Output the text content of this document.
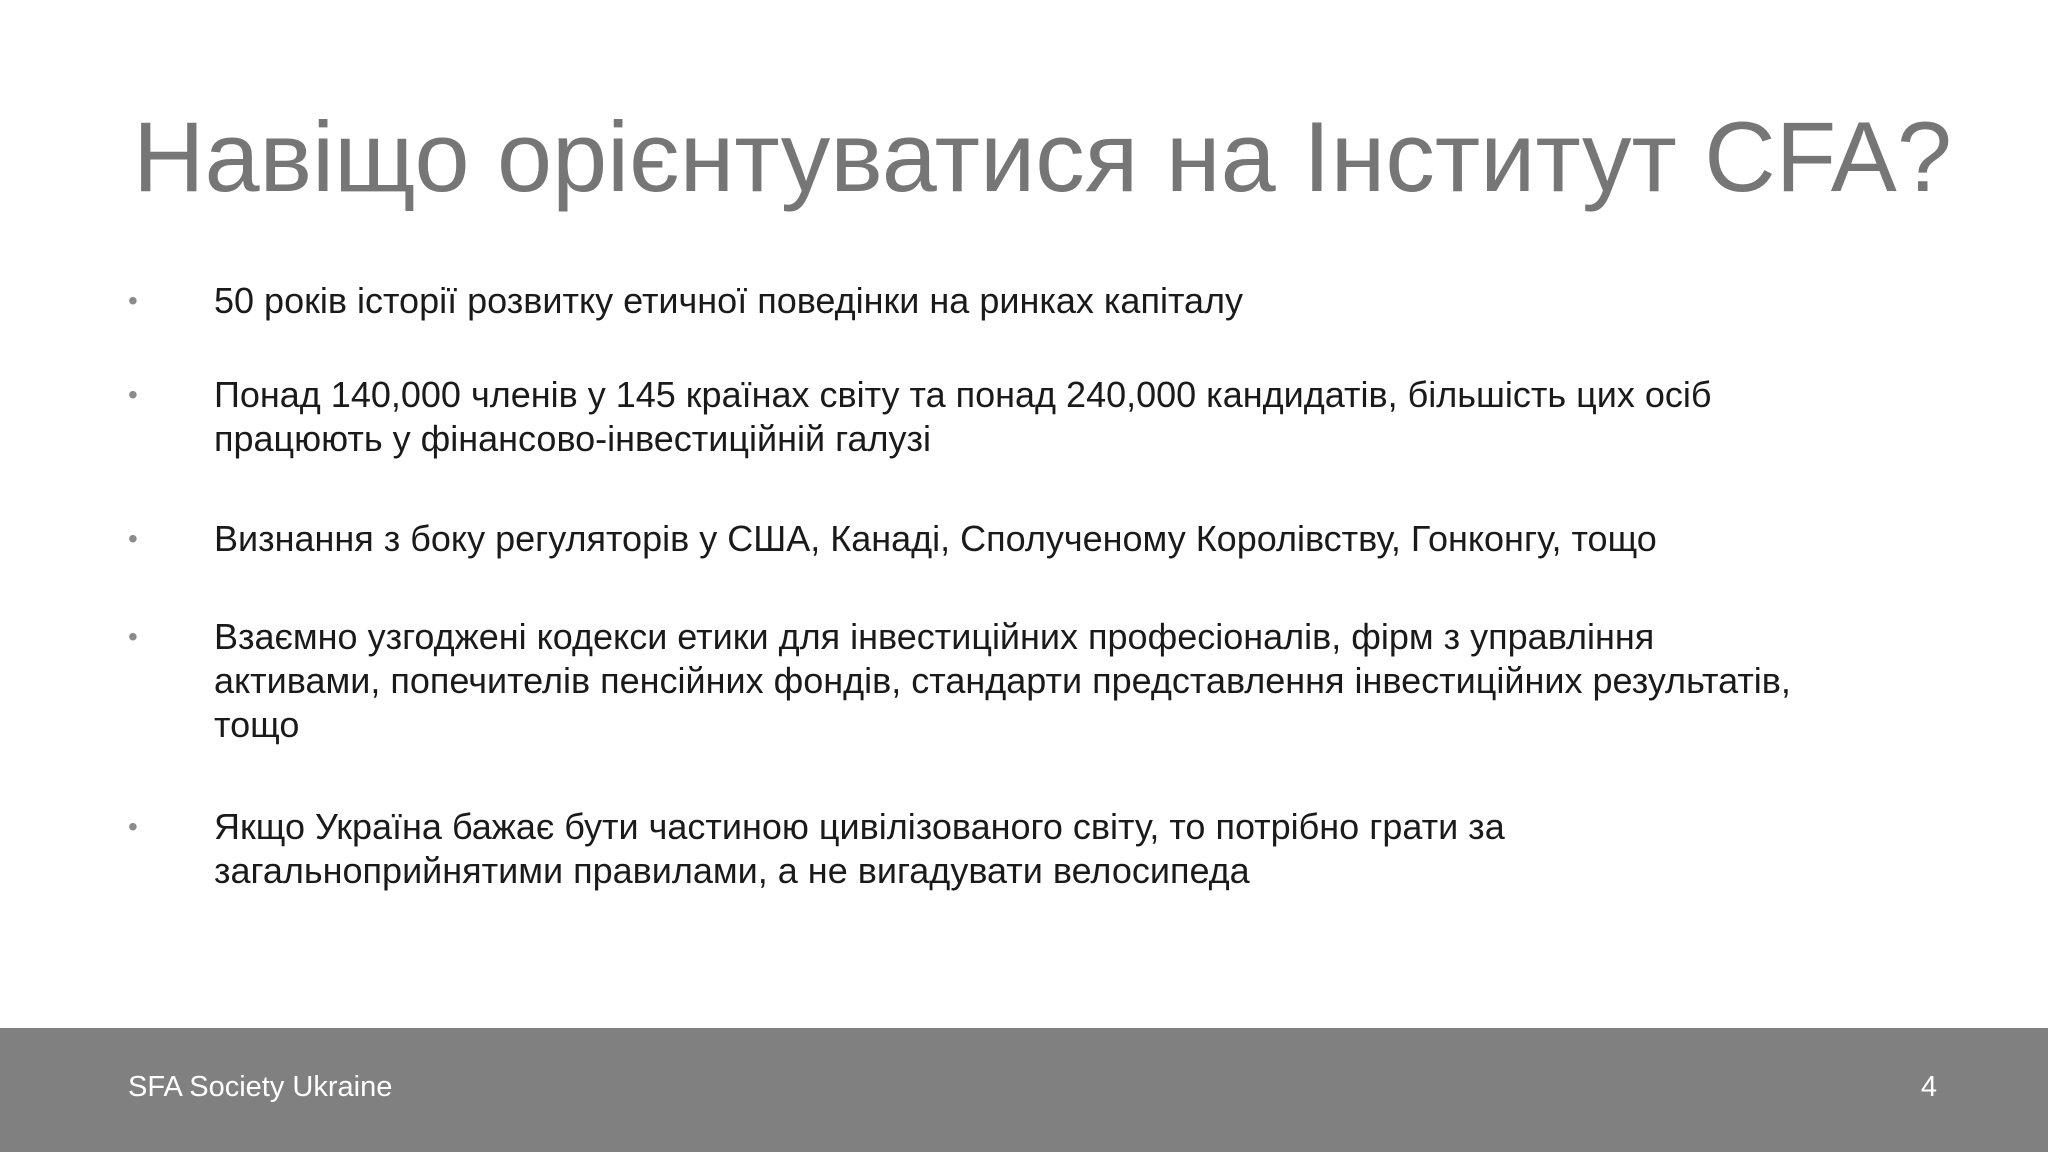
Навіщо орієнтуватися на Інститут CFA?
•	50 років історії розвитку етичної поведінки на ринках капіталу
•	Понад 140,000 членів у 145 країнах світу та понад 240,000 кандидатів, більшість цих осіб
працюють у фінансово-інвестиційній галузі
•	Визнання з боку регуляторів у США, Канаді, Сполученому Королівству, Гонконгу, тощо
•	Взаємно узгоджені кодекси етики для інвестиційних професіоналів, фірм з управління
активами, попечителів пенсійних фондів, стандарти представлення інвестиційних результатів,
тощо
•	Якщо Україна бажає бути частиною цивілізованого світу, то потрібно грати за
загальноприйнятими правилами, а не вигадувати велосипеда
SFA Society Ukraine	4
